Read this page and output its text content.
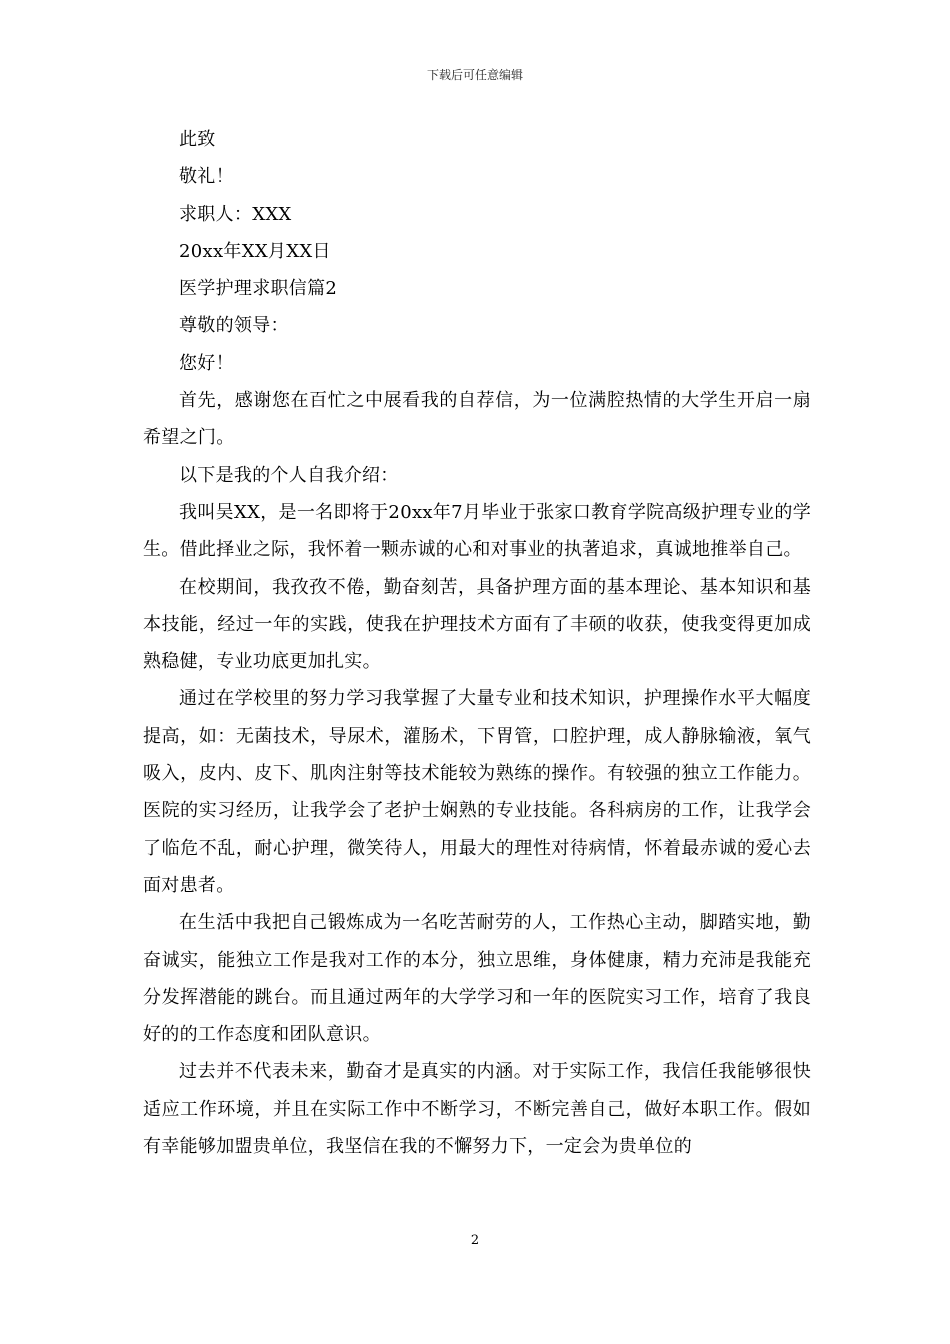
下载后可任意编辑

此致

敬礼！

求职人：XXX

20xx年XX月XX日

医学护理求职信篇2

尊敬的领导：

您好！

首先，感谢您在百忙之中展看我的自荐信，为一位满腔热情的大学生开启一扇希望之门。

以下是我的个人自我介绍：

我叫吴XX，是一名即将于20xx年7月毕业于张家口教育学院高级护理专业的学生。借此择业之际，我怀着一颗赤诚的心和对事业的执著追求，真诚地推举自己。

在校期间，我孜孜不倦，勤奋刻苦，具备护理方面的基本理论、基本知识和基本技能，经过一年的实践，使我在护理技术方面有了丰硕的收获，使我变得更加成熟稳健，专业功底更加扎实。

通过在学校里的努力学习我掌握了大量专业和技术知识，护理操作水平大幅度提高，如：无菌技术，导尿术，灌肠术，下胃管，口腔护理，成人静脉输液，氧气吸入，皮内、皮下、肌肉注射等技术能较为熟练的操作。有较强的独立工作能力。医院的实习经历，让我学会了老护士娴熟的专业技能。各科病房的工作，让我学会了临危不乱，耐心护理，微笑待人，用最大的理性对待病情，怀着最赤诚的爱心去面对患者。

在生活中我把自己锻炼成为一名吃苦耐劳的人，工作热心主动，脚踏实地，勤奋诚实，能独立工作是我对工作的本分，独立思维，身体健康，精力充沛是我能充分发挥潜能的跳台。而且通过两年的大学学习和一年的医院实习工作，培育了我良好的的工作态度和团队意识。

过去并不代表未来，勤奋才是真实的内涵。对于实际工作，我信任我能够很快适应工作环境，并且在实际工作中不断学习，不断完善自己，做好本职工作。假如有幸能够加盟贵单位，我坚信在我的不懈努力下，一定会为贵单位的

2
